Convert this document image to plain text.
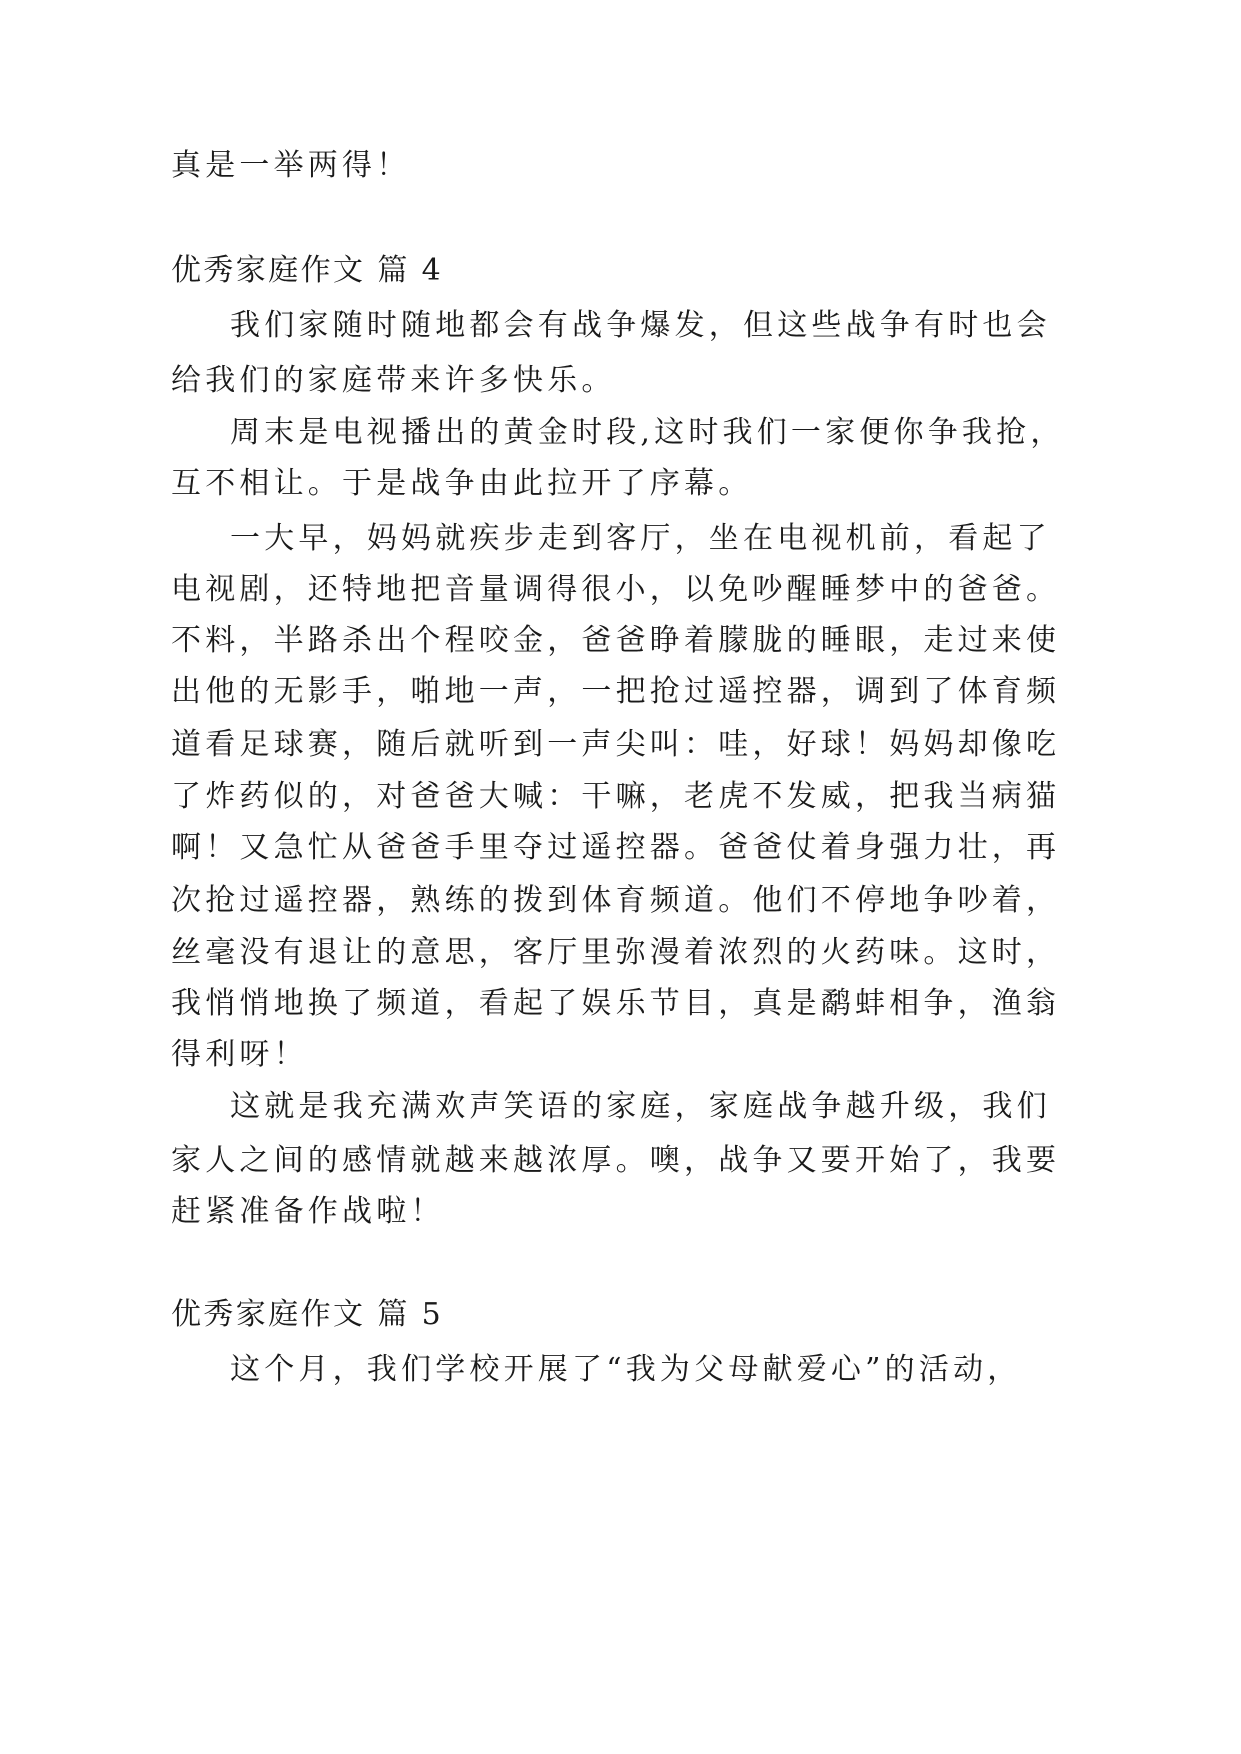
真是一举两得！
优秀家庭作文 篇 4
我们家随时随地都会有战争爆发，但这些战争有时也会
给我们的家庭带来许多快乐。
周末是电视播出的黄金时段,这时我们一家便你争我抢，
互不相让。于是战争由此拉开了序幕。
一大早，妈妈就疾步走到客厅，坐在电视机前，看起了
电视剧，还特地把音量调得很小，以免吵醒睡梦中的爸爸。
不料，半路杀出个程咬金，爸爸睁着朦胧的睡眼，走过来使
出他的无影手，啪地一声，一把抢过遥控器，调到了体育频
道看足球赛，随后就听到一声尖叫：哇，好球！妈妈却像吃
了炸药似的，对爸爸大喊：干嘛，老虎不发威，把我当病猫
啊！又急忙从爸爸手里夺过遥控器。爸爸仗着身强力壮，再
次抢过遥控器，熟练的拨到体育频道。他们不停地争吵着，
丝毫没有退让的意思，客厅里弥漫着浓烈的火药味。这时，
我悄悄地换了频道，看起了娱乐节目，真是鹬蚌相争，渔翁
得利呀！
这就是我充满欢声笑语的家庭，家庭战争越升级，我们
家人之间的感情就越来越浓厚。噢，战争又要开始了，我要
赶紧准备作战啦！
优秀家庭作文 篇 5
这个月，我们学校开展了“我为父母献爱心”的活动，
